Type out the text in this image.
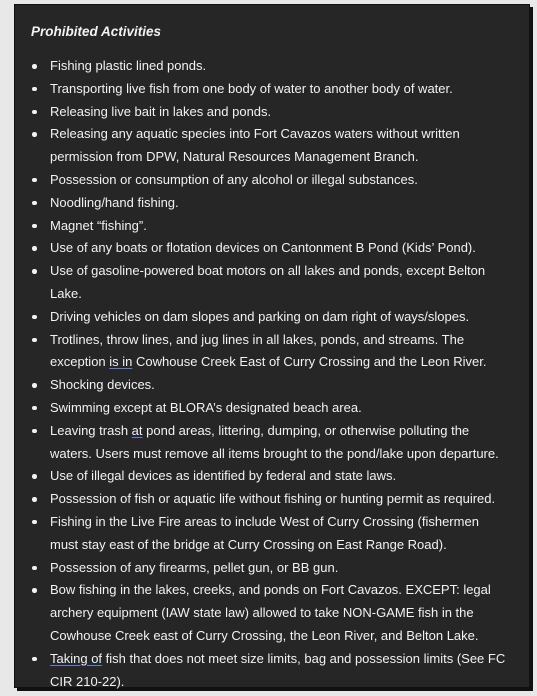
Prohibited Activities
Fishing plastic lined ponds.
Transporting live fish from one body of water to another body of water.
Releasing live bait in lakes and ponds.
Releasing any aquatic species into Fort Cavazos waters without written permission from DPW, Natural Resources Management Branch.
Possession or consumption of any alcohol or illegal substances.
Noodling/hand fishing.
Magnet “fishing”.
Use of any boats or flotation devices on Cantonment B Pond (Kids’ Pond).
Use of gasoline-powered boat motors on all lakes and ponds, except Belton Lake.
Driving vehicles on dam slopes and parking on dam right of ways/slopes.
Trotlines, throw lines, and jug lines in all lakes, ponds, and streams. The exception is in Cowhouse Creek East of Curry Crossing and the Leon River.
Shocking devices.
Swimming except at BLORA’s designated beach area.
Leaving trash at pond areas, littering, dumping, or otherwise polluting the waters. Users must remove all items brought to the pond/lake upon departure.
Use of illegal devices as identified by federal and state laws.
Possession of fish or aquatic life without fishing or hunting permit as required.
Fishing in the Live Fire areas to include West of Curry Crossing (fishermen must stay east of the bridge at Curry Crossing on East Range Road).
Possession of any firearms, pellet gun, or BB gun.
Bow fishing in the lakes, creeks, and ponds on Fort Cavazos. EXCEPT: legal archery equipment (IAW state law) allowed to take NON-GAME fish in the Cowhouse Creek east of Curry Crossing, the Leon River, and Belton Lake.
Taking of fish that does not meet size limits, bag and possession limits (See FC CIR 210-22).
